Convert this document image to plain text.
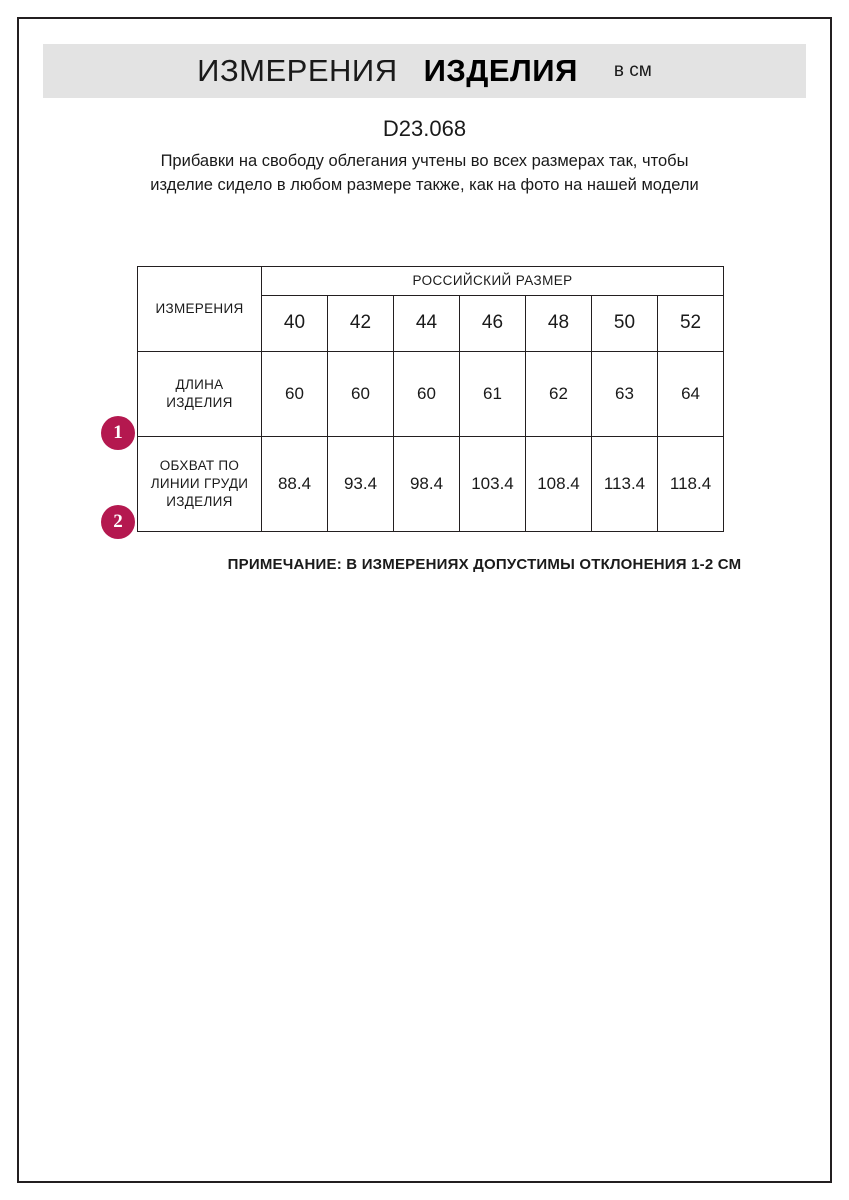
ИЗМЕРЕНИЯ ИЗДЕЛИЯ в см
D23.068
Прибавки на свободу облегания учтены во всех размерах так, чтобы изделие сидело в любом размере также, как на фото на нашей модели
1
2
ИЗМЕРЕНИЯ	РОССИЙСКИЙ РАЗМЕР						
	40	42	44	46	48	50	52
ДЛИНА ИЗДЕЛИЯ	60	60	60	61	62	63	64
ОБХВАТ ПО ЛИНИИ ГРУДИ ИЗДЕЛИЯ	88.4	93.4	98.4	103.4	108.4	113.4	118.4
ПРИМЕЧАНИЕ: В ИЗМЕРЕНИЯХ ДОПУСТИМЫ ОТКЛОНЕНИЯ 1-2 СМ
